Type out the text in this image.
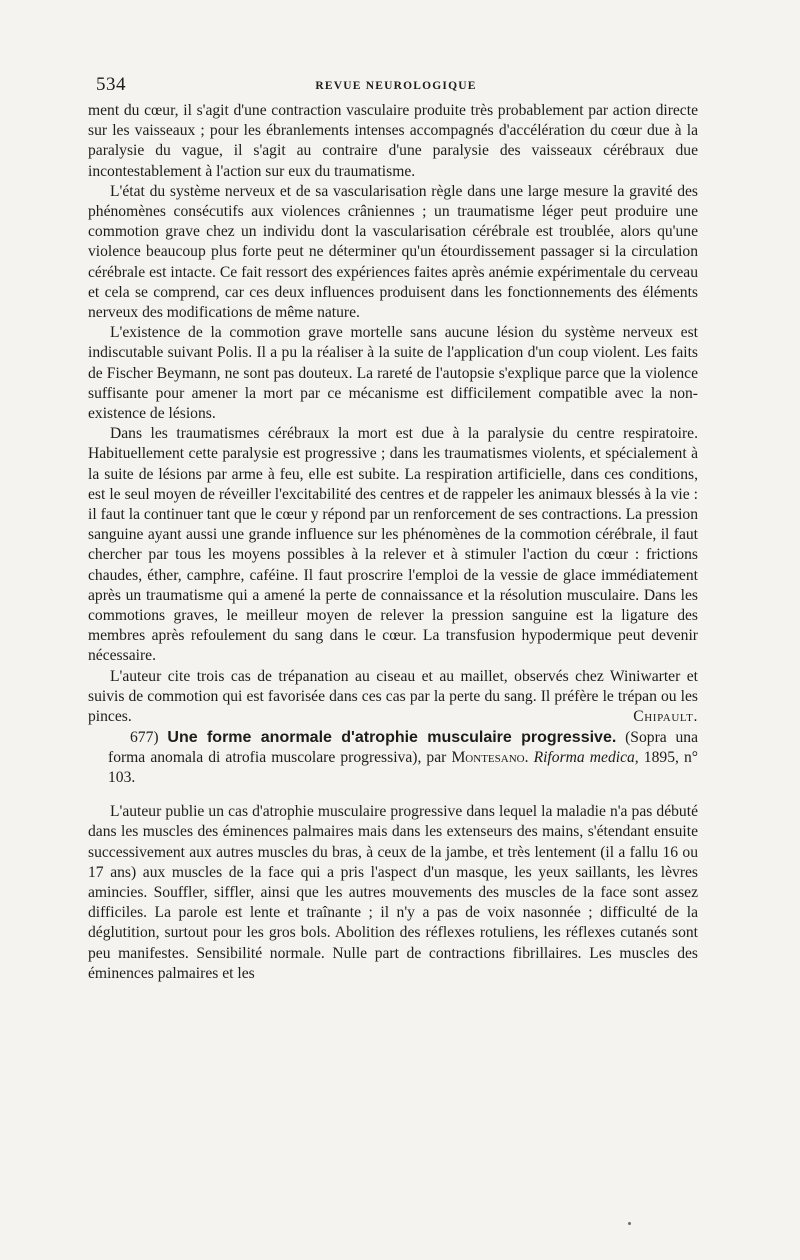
534	REVUE NEUROLOGIQUE

ment du cœur, il s'agit d'une contraction vasculaire produite très probablement par action directe sur les vaisseaux ; pour les ébranlements intenses accompagnés d'accélération du cœur due à la paralysie du vague, il s'agit au contraire d'une paralysie des vaisseaux cérébraux due incontestablement à l'action sur eux du traumatisme.

L'état du système nerveux et de sa vascularisation règle dans une large mesure la gravité des phénomènes consécutifs aux violences crâniennes ; un traumatisme léger peut produire une commotion grave chez un individu dont la vascularisation cérébrale est troublée, alors qu'une violence beaucoup plus forte peut ne déterminer qu'un étourdissement passager si la circulation cérébrale est intacte. Ce fait ressort des expériences faites après anémie expérimentale du cerveau et cela se comprend, car ces deux influences produisent dans les fonctionnements des éléments nerveux des modifications de même nature.

L'existence de la commotion grave mortelle sans aucune lésion du système nerveux est indiscutable suivant Polis. Il a pu la réaliser à la suite de l'application d'un coup violent. Les faits de Fischer Beymann, ne sont pas douteux. La rareté de l'autopsie s'explique parce que la violence suffisante pour amener la mort par ce mécanisme est difficilement compatible avec la non-existence de lésions.

Dans les traumatismes cérébraux la mort est due à la paralysie du centre respiratoire. Habituellement cette paralysie est progressive ; dans les traumatismes violents, et spécialement à la suite de lésions par arme à feu, elle est subite. La respiration artificielle, dans ces conditions, est le seul moyen de réveiller l'excitabilité des centres et de rappeler les animaux blessés à la vie : il faut la continuer tant que le cœur y répond par un renforcement de ses contractions. La pression sanguine ayant aussi une grande influence sur les phénomènes de la commotion cérébrale, il faut chercher par tous les moyens possibles à la relever et à stimuler l'action du cœur : frictions chaudes, éther, camphre, caféine. Il faut proscrire l'emploi de la vessie de glace immédiatement après un traumatisme qui a amené la perte de connaissance et la résolution musculaire. Dans les commotions graves, le meilleur moyen de relever la pression sanguine est la ligature des membres après refoulement du sang dans le cœur. La transfusion hypodermique peut devenir nécessaire.

L'auteur cite trois cas de trépanation au ciseau et au maillet, observés chez Winiwarter et suivis de commotion qui est favorisée dans ces cas par la perte du sang. Il préfère le trépan ou les pinces.	Chipault.

677) Une forme anormale d'atrophie musculaire progressive. (Sopra una forma anomala di atrofia muscolare progressiva), par Montesano. Riforma medica, 1895, n° 103.

L'auteur publie un cas d'atrophie musculaire progressive dans lequel la maladie n'a pas débuté dans les muscles des éminences palmaires mais dans les extenseurs des mains, s'étendant ensuite successivement aux autres muscles du bras, à ceux de la jambe, et très lentement (il a fallu 16 ou 17 ans) aux muscles de la face qui a pris l'aspect d'un masque, les yeux saillants, les lèvres amincies. Souffler, siffler, ainsi que les autres mouvements des muscles de la face sont assez difficiles. La parole est lente et traînante ; il n'y a pas de voix nasonnée ; difficulté de la déglutition, surtout pour les gros bols. Abolition des réflexes rotuliens, les réflexes cutanés sont peu manifestes. Sensibilité normale. Nulle part de contractions fibrillaires. Les muscles des éminences palmaires et les
